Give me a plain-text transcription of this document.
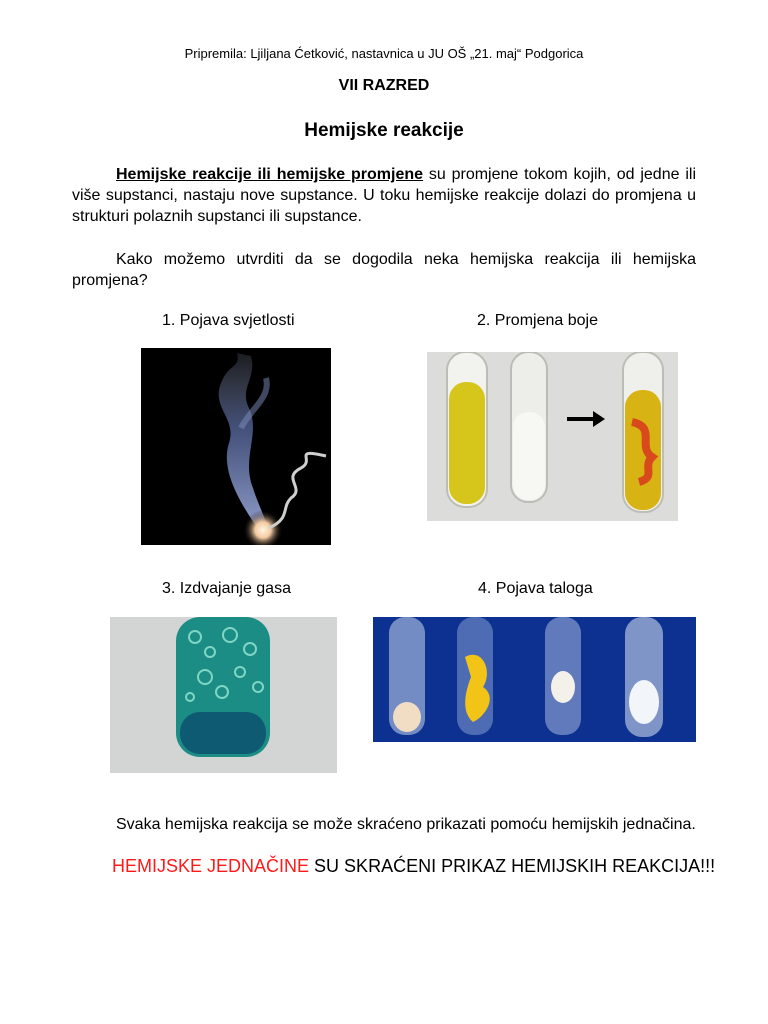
Pripremila: Ljiljana Ćetković, nastavnica u JU OŠ „21. maj“ Podgorica
VII RAZRED
Hemijske reakcije
Hemijske reakcije ili hemijske promjene su promjene tokom kojih, od jedne ili više supstanci, nastaju nove supstance. U toku hemijske reakcije dolazi do promjena u strukturi polaznih supstanci ili supstance.
Kako možemo utvrditi da se dogodila neka hemijska reakcija ili hemijska promjena?
1. Pojava svjetlosti	2. Promjena boje
3. Izdvajanje gasa	4. Pojava taloga
Svaka hemijska reakcija se može skraćeno prikazati pomoću hemijskih jednačina.
HEMIJSKE JEDNAČINE SU SKRAĆENI PRIKAZ HEMIJSKIH REAKCIJA!!!
